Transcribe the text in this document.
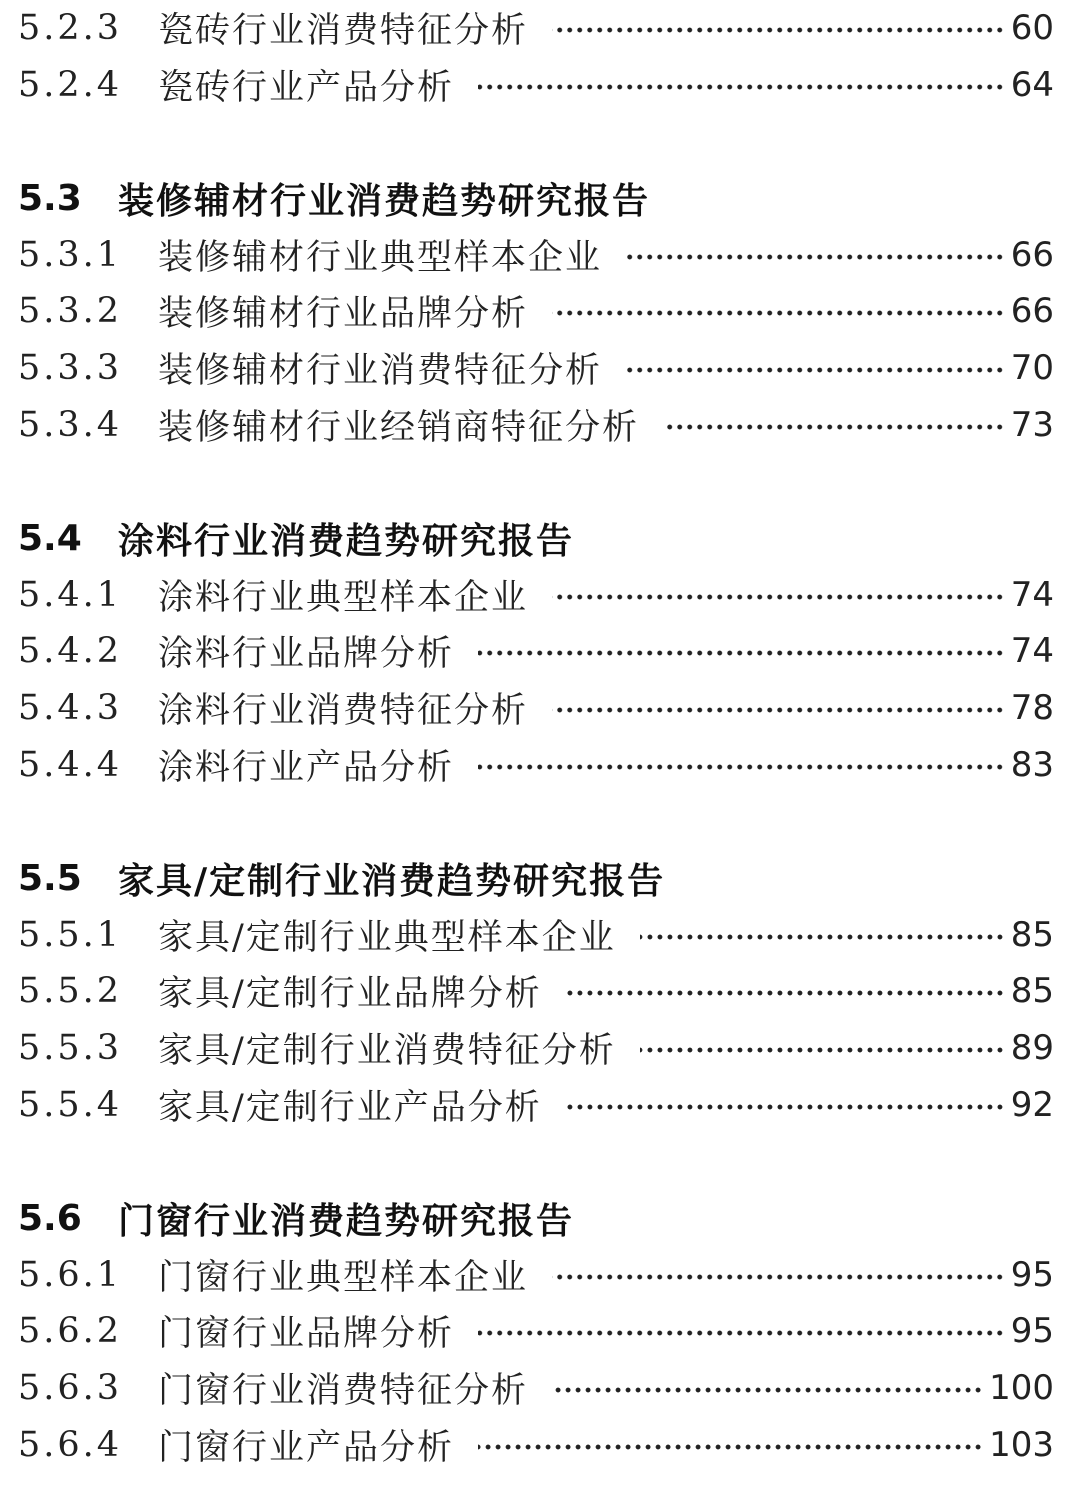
5.2.3	瓷砖行业消费特征分析	60
5.2.4	瓷砖行业产品分析	64
5.3	装修辅材行业消费趋势研究报告
5.3.1	装修辅材行业典型样本企业	66
5.3.2	装修辅材行业品牌分析	66
5.3.3	装修辅材行业消费特征分析	70
5.3.4	装修辅材行业经销商特征分析	73
5.4	涂料行业消费趋势研究报告
5.4.1	涂料行业典型样本企业	74
5.4.2	涂料行业品牌分析	74
5.4.3	涂料行业消费特征分析	78
5.4.4	涂料行业产品分析	83
5.5	家具/定制行业消费趋势研究报告
5.5.1	家具/定制行业典型样本企业	85
5.5.2	家具/定制行业品牌分析	85
5.5.3	家具/定制行业消费特征分析	89
5.5.4	家具/定制行业产品分析	92
5.6	门窗行业消费趋势研究报告
5.6.1	门窗行业典型样本企业	95
5.6.2	门窗行业品牌分析	95
5.6.3	门窗行业消费特征分析	100
5.6.4	门窗行业产品分析	103
